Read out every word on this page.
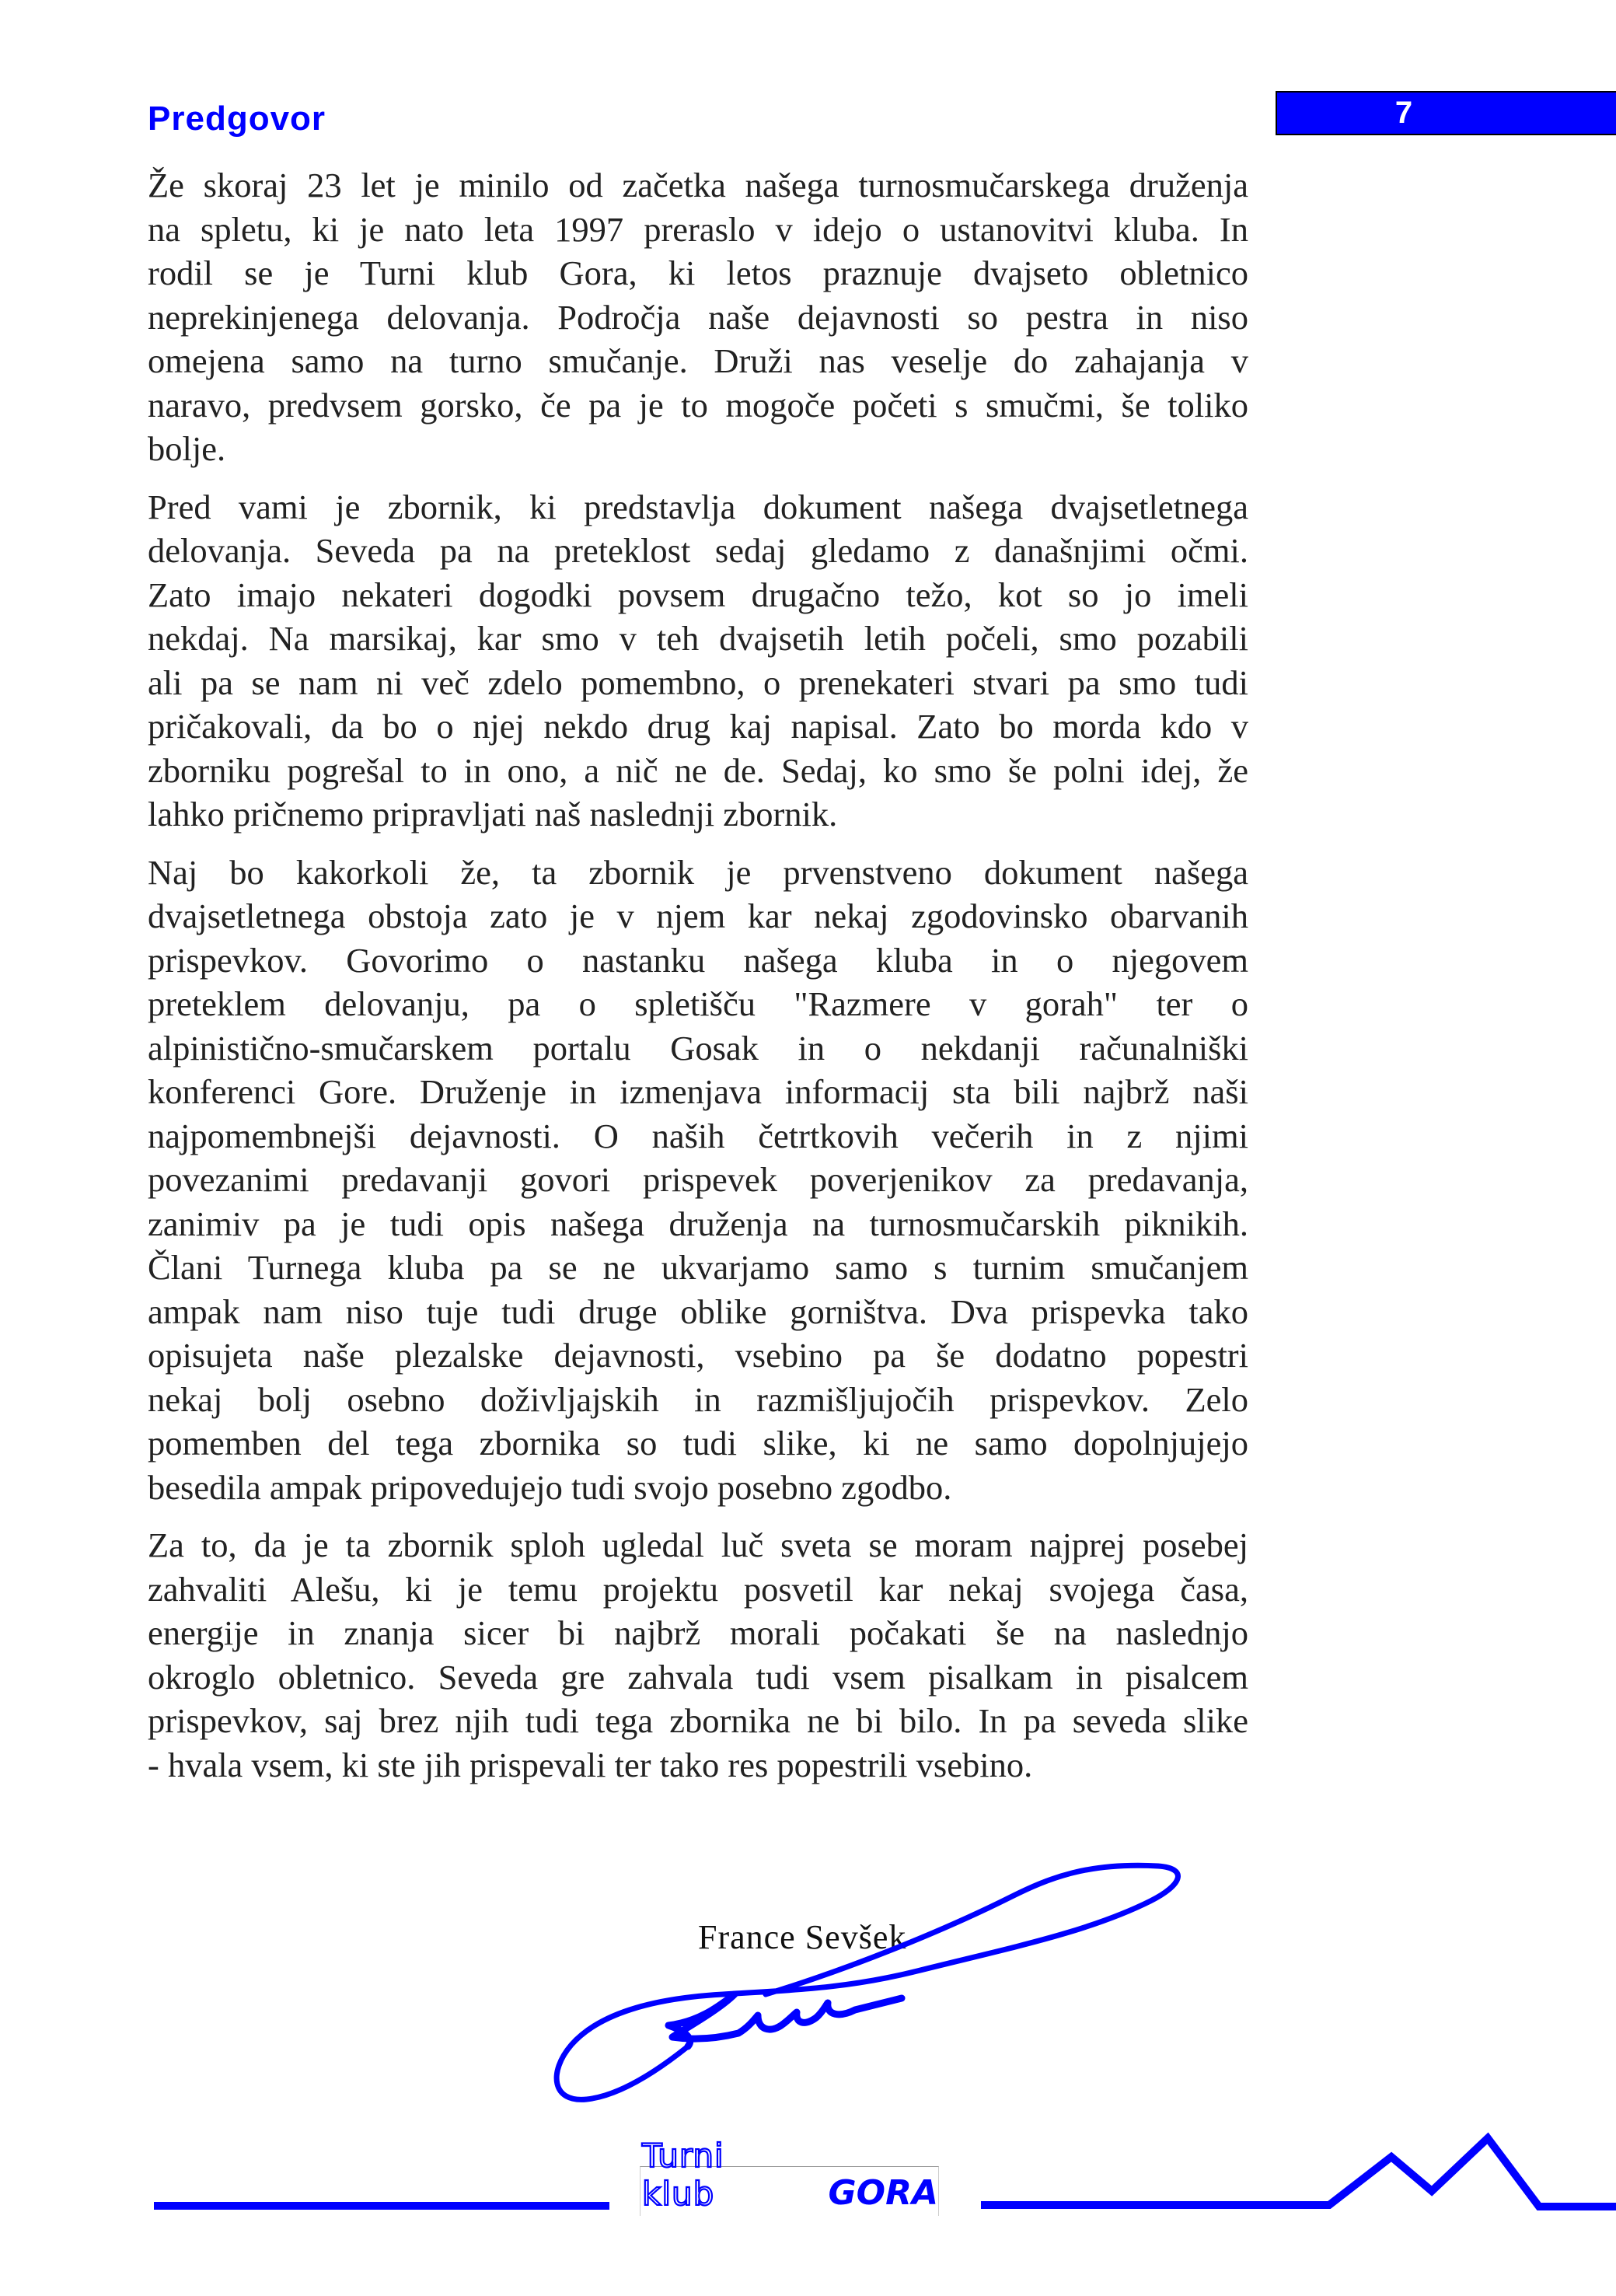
Predgovor	7
Že skoraj 23 let je minilo od začetka našega turnosmučarskega druženja
na spletu, ki je nato leta 1997 preraslo v idejo o ustanovitvi kluba. In
rodil se je Turni klub Gora, ki letos praznuje dvajseto obletnico
neprekinjenega delovanja. Področja naše dejavnosti so pestra in niso
omejena samo na turno smučanje. Druži nas veselje do zahajanja v
naravo, predvsem gorsko, če pa je to mogoče početi s smučmi, še toliko
bolje.
Pred vami je zbornik, ki predstavlja dokument našega dvajsetletnega
delovanja. Seveda pa na preteklost sedaj gledamo z današnjimi očmi.
Zato imajo nekateri dogodki povsem drugačno težo, kot so jo imeli
nekdaj. Na marsikaj, kar smo v teh dvajsetih letih počeli, smo pozabili
ali pa se nam ni več zdelo pomembno, o prenekateri stvari pa smo tudi
pričakovali, da bo o njej nekdo drug kaj napisal. Zato bo morda kdo v
zborniku pogrešal to in ono, a nič ne de. Sedaj, ko smo še polni idej, že
lahko pričnemo pripravljati naš naslednji zbornik.
Naj bo kakorkoli že, ta zbornik je prvenstveno dokument našega
dvajsetletnega obstoja zato je v njem kar nekaj zgodovinsko obarvanih
prispevkov. Govorimo o nastanku našega kluba in o njegovem
preteklem delovanju, pa o spletišču "Razmere v gorah" ter o
alpinistično-smučarskem portalu Gosak in o nekdanji računalniški
konferenci Gore. Druženje in izmenjava informacij sta bili najbrž naši
najpomembnejši dejavnosti. O naših četrtkovih večerih in z njimi
povezanimi predavanji govori prispevek poverjenikov za predavanja,
zanimiv pa je tudi opis našega druženja na turnosmučarskih piknikih.
Člani Turnega kluba pa se ne ukvarjamo samo s turnim smučanjem
ampak nam niso tuje tudi druge oblike gorništva. Dva prispevka tako
opisujeta naše plezalske dejavnosti, vsebino pa še dodatno popestri
nekaj bolj osebno doživljajskih in razmišljujočih prispevkov. Zelo
pomemben del tega zbornika so tudi slike, ki ne samo dopolnjujejo
besedila ampak pripovedujejo tudi svojo posebno zgodbo.
Za to, da je ta zbornik sploh ugledal luč sveta se moram najprej posebej
zahvaliti Alešu, ki je temu projektu posvetil kar nekaj svojega časa,
energije in znanja sicer bi najbrž morali počakati še na naslednjo
okroglo obletnico. Seveda gre zahvala tudi vsem pisalkam in pisalcem
prispevkov, saj brez njih tudi tega zbornika ne bi bilo. In pa seveda slike
- hvala vsem, ki ste jih prispevali ter tako res popestrili vsebino.
France Sevšek
Turni klub	GORA
